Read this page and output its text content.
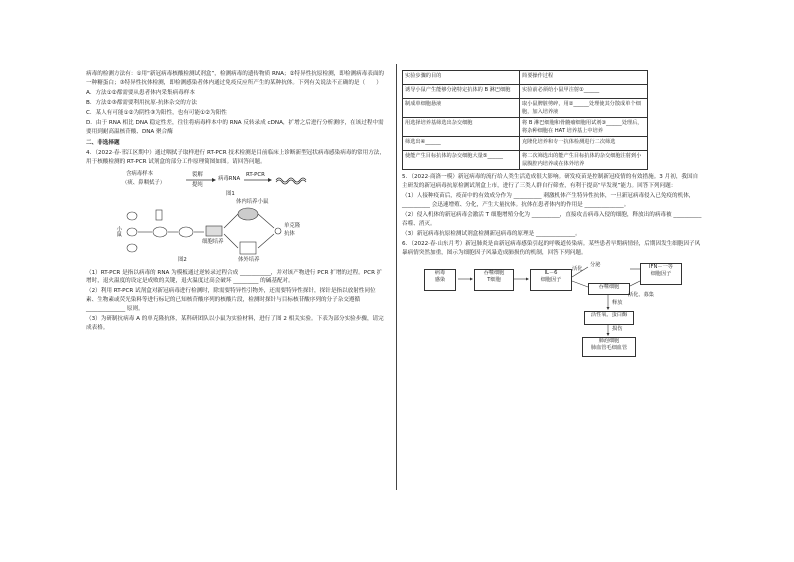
病毒的检测方法有：①用“新冠病毒核酸检测试剂盒”，检测病毒的遗传物质 RNA；②特异性抗原检测，即检测病毒表面的一种糖蛋白；③特异性抗体检测，即检测感染者体内通过免疫反应所产生的某种抗体。下列有关说法不正确的是（　　）

A．方法①②都需要从患者体内采集病毒样本

B．方法②③都需要利用抗原-抗体杂交的方法

C．某人有可能①②为阴性③为阳性，也有可能①②为阳性

D．由于 RNA 相比 DNA 稳定性差，往往将病毒样本中的 RNA 反转录成 cDNA，扩增之后进行分析测序，在该过程中需要用到耐高温核苷酸、DNA 聚合酶

二、非选择题

4．（2022·春·邗江区期中）通过咽拭子取样进行 RT-PCR 技术检测是目前临床上诊断新型冠状病毒感染病毒的常用方法，用于核酸检测的 RT-PCR 试剂盒的部分工作原理简图如图。请回答问题。

含病毒样本
（痰、鼻咽拭子）
裂解
提纯
病毒RNA
RT-PCR
图1
小鼠
体内培养小鼠
细胞培养
体外培养
单克隆
抗体
图2

（1）RT-PCR 是指以病毒的 RNA 为模板通过逆转录过程合成 ___________，并对该产物进行 PCR 扩增的过程。PCR 扩增时，退火温度的设定是成败的关键，退火温度过高会破坏 _________ 的碱基配对。

（2）利用 RT-PCR 试剂盒对新冠病毒进行检测时，除需要特异性引物外，还需要特异性探针，探针是指以放射性同位素、生物素或荧光染料等进行标记的已知核苷酸序列的核酸片段，检测时探针与目标核苷酸序列的分子杂交遵循 ______________ 原则。

（3）为研制抗病毒 A 的单克隆抗体，某科研团队以小鼠为实验材料，进行了图 2 相关实验。下表为部分实验步骤，请完成表格。

实验步骤的目的	简要操作过程
诱导小鼠产生能够分泌特定抗体的 B 淋巴细胞	实验前必须给小鼠甲注射①______
制成单细胞悬液	取小鼠脾脏剪碎，用②______处理使其分散成单个细胞，加入培养液
用选择培养基筛选出杂交细胞	将 B 淋巴细胞和骨髓瘤细胞用试剂③______处理后，将杂种细胞在 HAT 培养基上中培养
筛选出④______	克隆化培养和专一抗体检测进行二次筛选
使能产生目标抗体的杂交细胞大量⑤______	将二次筛选出的能产生目标抗体的杂交细胞注射到小鼠腹腔内培养或在体外培养

5．（2022·商洛一模）新冠病毒的流行给人类生活造成很大影响。研发疫苗是控制新冠疫情的有效措施。3 月初，我国自主研发的新冠病毒抗原检测试剂盒上市，进行了三类人群自行筛查，有利于提高“早发现”能力。回答下列问题：

（1）人接种疫苗后，疫苗中的有效成分作为 __________ 刺激机体产生特异性抗体，一旦新冠病毒侵入已免疫的机体，__________ 会迅速增殖、分化，产生大量抗体。抗体在患者体内的作用是 ______________。

（2）侵入机体的新冠病毒会激活 T 细胞增殖分化为 __________，直接攻击病毒入侵的细胞，释放出的病毒被 __________ 吞噬、消灭。

（3）新冠病毒抗原检测试剂盒检测新冠病毒的原理是 ______________。

6．（2022·春·山东月考）新冠肺炎是由新冠病毒感染引起的呼吸道传染病。某些患者早期病情轻，后期因发生细胞因子风暴病情突然加重，图示为细胞因子风暴造成肺损伤的机制，回答下列问题。

病毒
感染
吞噬细胞
T细胞
IL－6
细胞因子
活化
吞噬细胞
分泌	IFN－一等
细胞因子
活化、募集
释放
活性氧、蛋白酶
损伤
肺泡细胞
肺血管毛细血管
